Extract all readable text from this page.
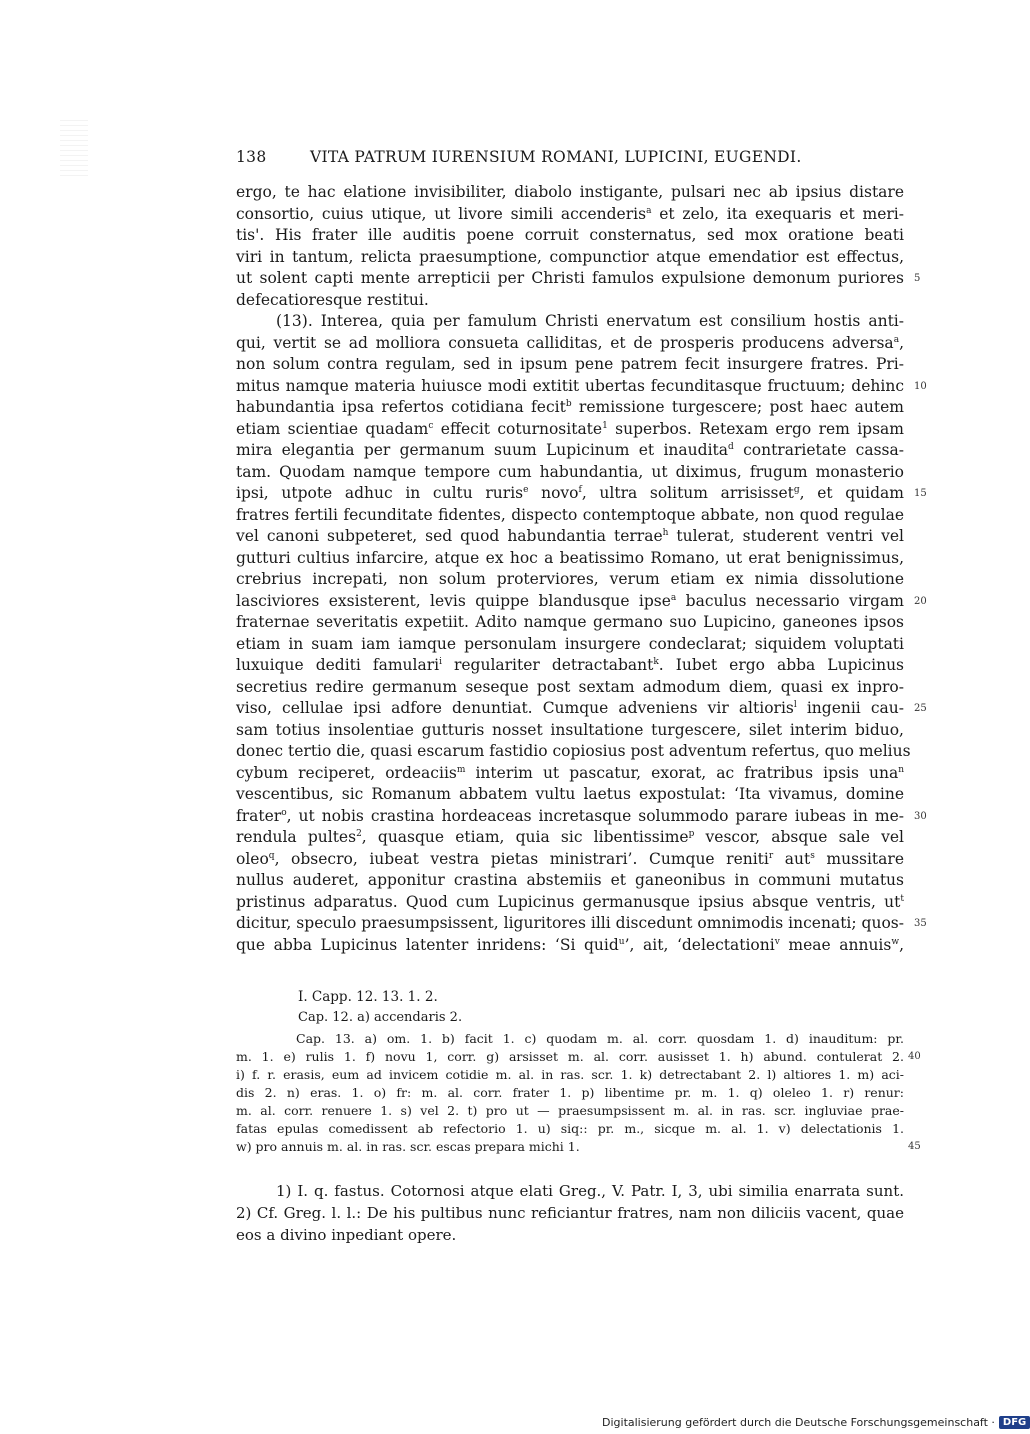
138	VITA PATRUM IURENSIUM ROMANI, LUPICINI, EUGENDI.
ergo, te hac elatione invisibiliter, diabolo instigante, pulsari nec ab ipsius distare
consortio, cuius utique, ut livore simili accenderis$^a$ et zelo, ita exequaris et meri-
tis'. His frater ille auditis poene corruit consternatus, sed mox oratione beati
viri in tantum, relicta praesumptione, compunctior atque emendatior est effectus,
ut solent capti mente arrepticii per Christi famulos expulsione demonum puriores 5
defecatioresque restitui.
(13). Interea, quia per famulum Christi enervatum est consilium hostis anti-
qui, vertit se ad molliora consueta calliditas, et de prosperis producens adversa$^a$,
non solum contra regulam, sed in ipsum pene patrem fecit insurgere fratres. Pri-
mitus namque materia huiusce modi extitit ubertas fecunditasque fructuum; dehinc 10
habundantia ipsa refertos cotidiana fecit$^b$ remissione turgescere; post haec autem
etiam scientiae quadam$^c$ effecit coturnositate$^1$ superbos. Retexam ergo rem ipsam
mira elegantia per germanum suum Lupicinum et inaudita$^d$ contrarietate cassa-
tam. Quodam namque tempore cum habundantia, ut diximus, frugum monasterio
ipsi, utpote adhuc in cultu ruris$^e$ novo$^f$, ultra solitum arrisisset$^g$, et quidam 15
fratres fertili fecunditate fidentes, dispecto contemptoque abbate, non quod regulae
vel canoni subpeteret, sed quod habundantia terrae$^h$ tulerat, studerent ventri vel
gutturi cultius infarcire, atque ex hoc a beatissimo Romano, ut erat benignissimus,
crebrius increpati, non solum proterviores, verum etiam ex nimia dissolutione
lasciviores exsisterent, levis quippe blandusque ipse$^a$ baculus necessario virgam 20
fraternae severitatis expetiit. Adito namque germano suo Lupicino, ganeones ipsos
etiam in suam iam iamque personulam insurgere condeclarat; siquidem voluptati
luxuique dediti famulari$^i$ regulariter detractabant$^k$. Iubet ergo abba Lupicinus
secretius redire germanum seseque post sextam admodum diem, quasi ex inpro-
viso, cellulae ipsi adfore denuntiat. Cumque adveniens vir altioris$^l$ ingenii cau- 25
sam totius insolentiae gutturis nosset insultatione turgescere, silet interim biduo,
donec tertio die, quasi escarum fastidio copiosius post adventum refertus, quo melius
cybum reciperet, ordeaciis$^m$ interim ut pascatur, exorat, ac fratribus ipsis una$^n$
vescentibus, sic Romanum abbatem vultu laetus expostulat: ‘Ita vivamus, domine
frater$^o$, ut nobis crastina hordeaceas incretasque solummodo parare iubeas in me- 30
rendula pultes$^2$, quasque etiam, quia sic libentissime$^p$ vescor, absque sale vel
oleo$^q$, obsecro, iubeat vestra pietas ministrari’. Cumque reniti$^r$ aut$^s$ mussitare
nullus auderet, apponitur crastina abstemiis et ganeonibus in communi mutatus
pristinus adparatus. Quod cum Lupicinus germanusque ipsius absque ventris, $ut^t$
dicitur, speculo praesumpsissent, liguritores illi discedunt omnimodis incenati; quos- 35
que abba Lupicinus latenter inridens: ‘Si quid$^u$’, ait, ‘delectationi$^v$ meae annuis$^w$,
I. Capp. 12. 13. 1. 2.
Cap. 12. a) accendaris 2.
Cap. 13. a) om. 1. b) facit 1. c) quodam m. al. corr. quosdam 1. d) inauditum: pr.
m. 1. e) rulis 1. f) novu 1, corr. g) arsisset m. al. corr. ausisset 1. h) abund. contulerat 2. 40
i) f. r. erasis, eum ad invicem cotidie m. al. in ras. scr. 1. k) detrectabant 2. l) altiores 1. m) aci-
dis 2. n) eras. 1. o) fr: m. al. corr. frater 1. p) libentime pr. m. 1. q) oleleo 1. r) renur:
m. al. corr. renuere 1. s) vel 2. t) pro ut — praesumpsissent m. al. in ras. scr. ingluviae prae-
fatas epulas comedissent ab refectorio 1. u) siq:: pr. m., sicque m. al. 1. v) delectationis 1.
w) pro annuis m. al. in ras. scr. escas prepara michi 1.	45
1) I. q. fastus. Cotornosi atque elati Greg., V. Patr. I, 3, ubi similia enarrata sunt.
2) Cf. Greg. l. l.: De his pultibus nunc reficiantur fratres, nam non diliciis vacent, quae
eos a divino inpediant opere.
Digitalisierung gefördert durch die Deutsche Forschungsgemeinschaft · DFG
